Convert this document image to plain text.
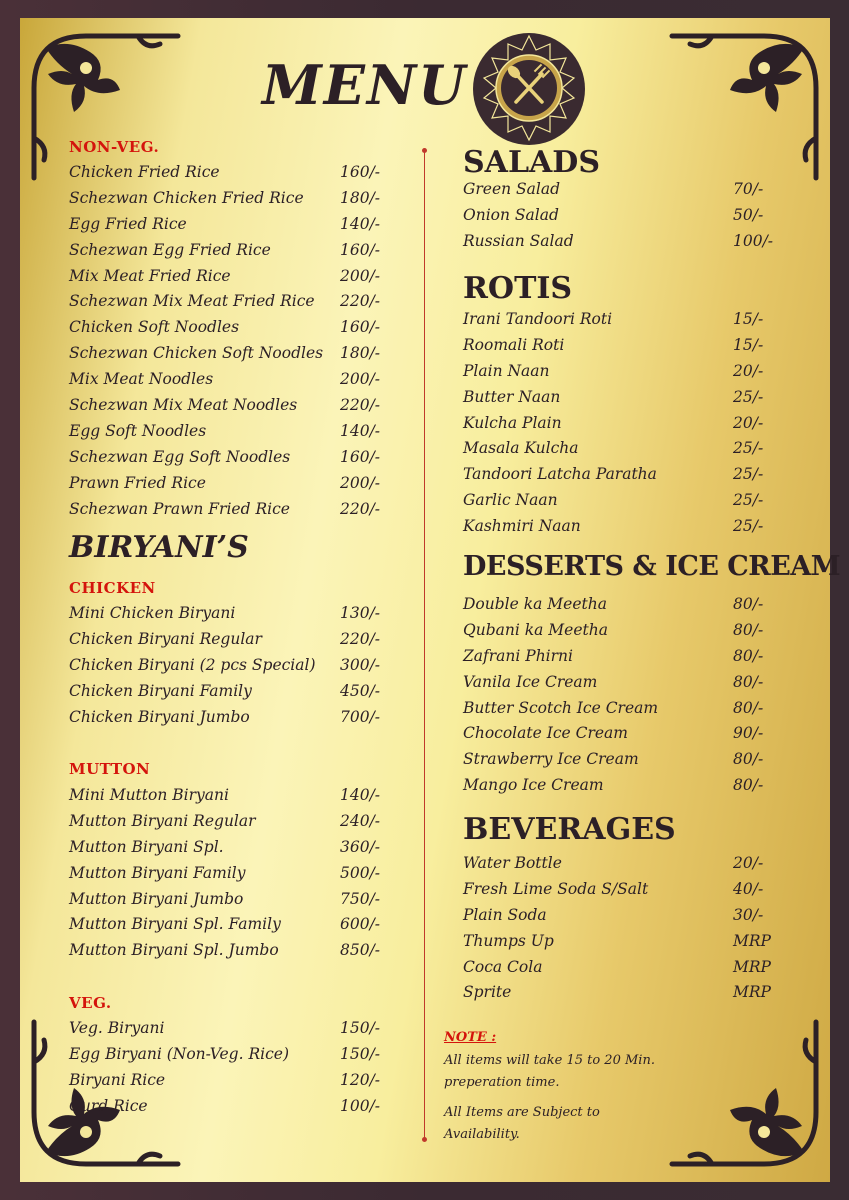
MENU
NON-VEG.
Chicken Fried Rice	160/-
Schezwan Chicken Fried Rice 180/-
Egg Fried Rice	140/-
Schezwan Egg Fried Rice	160/-
Mix Meat Fried Rice	200/-
Schezwan Mix Meat Fried Rice 220/-
Chicken Soft Noodles	160/-
Schezwan Chicken Soft Noodles 180/-
Mix Meat Noodles	200/-
Schezwan Mix Meat Noodles	220/-
Egg Soft Noodles	140/-
Schezwan Egg Soft Noodles	160/-
Prawn Fried Rice	200/-
Schezwan Prawn Fried Rice	220/-
BIRYANI’S
CHICKEN
Mini Chicken Biryani	130/-
Chicken Biryani Regular	220/-
Chicken Biryani (2 pcs Special) 300/-
Chicken Biryani Family	450/-
Chicken Biryani Jumbo	700/-
MUTTON
Mini Mutton Biryani	140/-
Mutton Biryani Regular	240/-
Mutton Biryani Spl.	360/-
Mutton Biryani Family	500/-
Mutton Biryani Jumbo	750/-
Mutton Biryani Spl. Family	600/-
Mutton Biryani Spl. Jumbo	850/-
VEG.
Veg. Biryani	150/-
Egg Biryani (Non-Veg. Rice)	150/-
Biryani Rice	120/-
Curd Rice	100/-
SALADS
Green Salad	70/-
Onion Salad	50/-
Russian Salad	100/-
ROTIS
Irani Tandoori Roti	15/-
Roomali Roti	15/-
Plain Naan	20/-
Butter Naan	25/-
Kulcha Plain	20/-
Masala Kulcha	25/-
Tandoori Latcha Paratha	25/-
Garlic Naan	25/-
Kashmiri Naan	25/-
DESSERTS & ICE CREAM
Double ka Meetha	80/-
Qubani ka Meetha	80/-
Zafrani Phirni	80/-
Vanila Ice Cream	80/-
Butter Scotch Ice Cream	80/-
Chocolate Ice Cream	90/-
Strawberry Ice Cream	80/-
Mango Ice Cream	80/-
BEVERAGES
Water Bottle	20/-
Fresh Lime Soda S/Salt	40/-
Plain Soda	30/-
Thumps Up	MRP
Coca Cola	MRP
Sprite	MRP
NOTE :
All items will take 15 to 20 Min.
preperation time.
All Items are Subject to
Availability.
